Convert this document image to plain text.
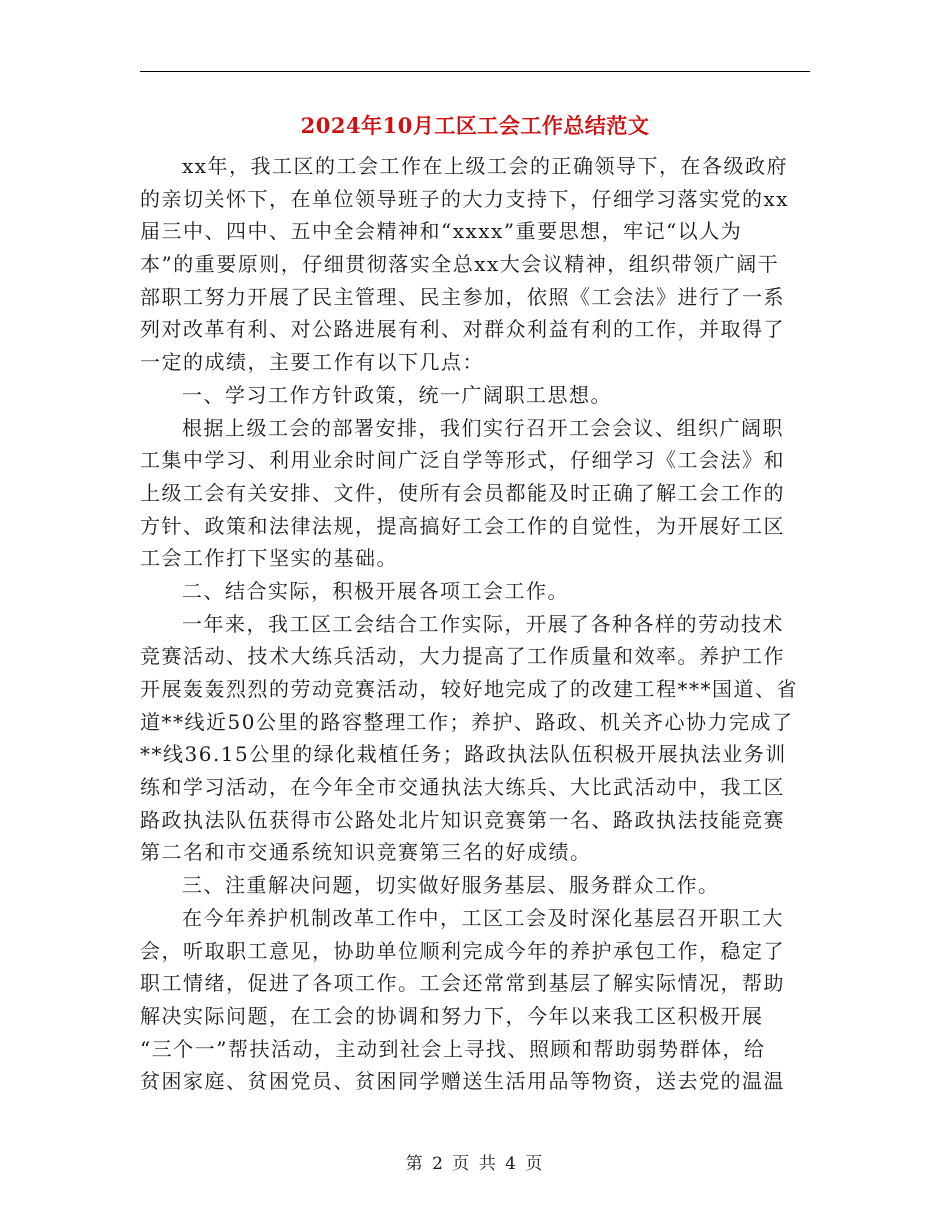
2024年10月工区工会工作总结范文
xx年，我工区的工会工作在上级工会的正确领导下，在各级政府
的亲切关怀下，在单位领导班子的大力支持下，仔细学习落实党的xx
届三中、四中、五中全会精神和“xxxx”重要思想，牢记“以人为
本”的重要原则，仔细贯彻落实全总xx大会议精神，组织带领广阔干
部职工努力开展了民主管理、民主参加，依照《工会法》进行了一系
列对改革有利、对公路进展有利、对群众利益有利的工作，并取得了
一定的成绩，主要工作有以下几点：
一、学习工作方针政策，统一广阔职工思想。
根据上级工会的部署安排，我们实行召开工会会议、组织广阔职
工集中学习、利用业余时间广泛自学等形式，仔细学习《工会法》和
上级工会有关安排、文件，使所有会员都能及时正确了解工会工作的
方针、政策和法律法规，提高搞好工会工作的自觉性，为开展好工区
工会工作打下坚实的基础。
二、结合实际，积极开展各项工会工作。
一年来，我工区工会结合工作实际，开展了各种各样的劳动技术
竞赛活动、技术大练兵活动，大力提高了工作质量和效率。养护工作
开展轰轰烈烈的劳动竞赛活动，较好地完成了的改建工程***国道、省
道**线近50公里的路容整理工作；养护、路政、机关齐心协力完成了
**线36.15公里的绿化栽植任务；路政执法队伍积极开展执法业务训
练和学习活动，在今年全市交通执法大练兵、大比武活动中，我工区
路政执法队伍获得市公路处北片知识竞赛第一名、路政执法技能竞赛
第二名和市交通系统知识竞赛第三名的好成绩。
三、注重解决问题，切实做好服务基层、服务群众工作。
在今年养护机制改革工作中，工区工会及时深化基层召开职工大
会，听取职工意见，协助单位顺利完成今年的养护承包工作，稳定了
职工情绪，促进了各项工作。工会还常常到基层了解实际情况，帮助
解决实际问题，在工会的协调和努力下，今年以来我工区积极开展
“三个一”帮扶活动，主动到社会上寻找、照顾和帮助弱势群体，给
贫困家庭、贫困党员、贫困同学赠送生活用品等物资，送去党的温温
第 2 页 共 4 页
